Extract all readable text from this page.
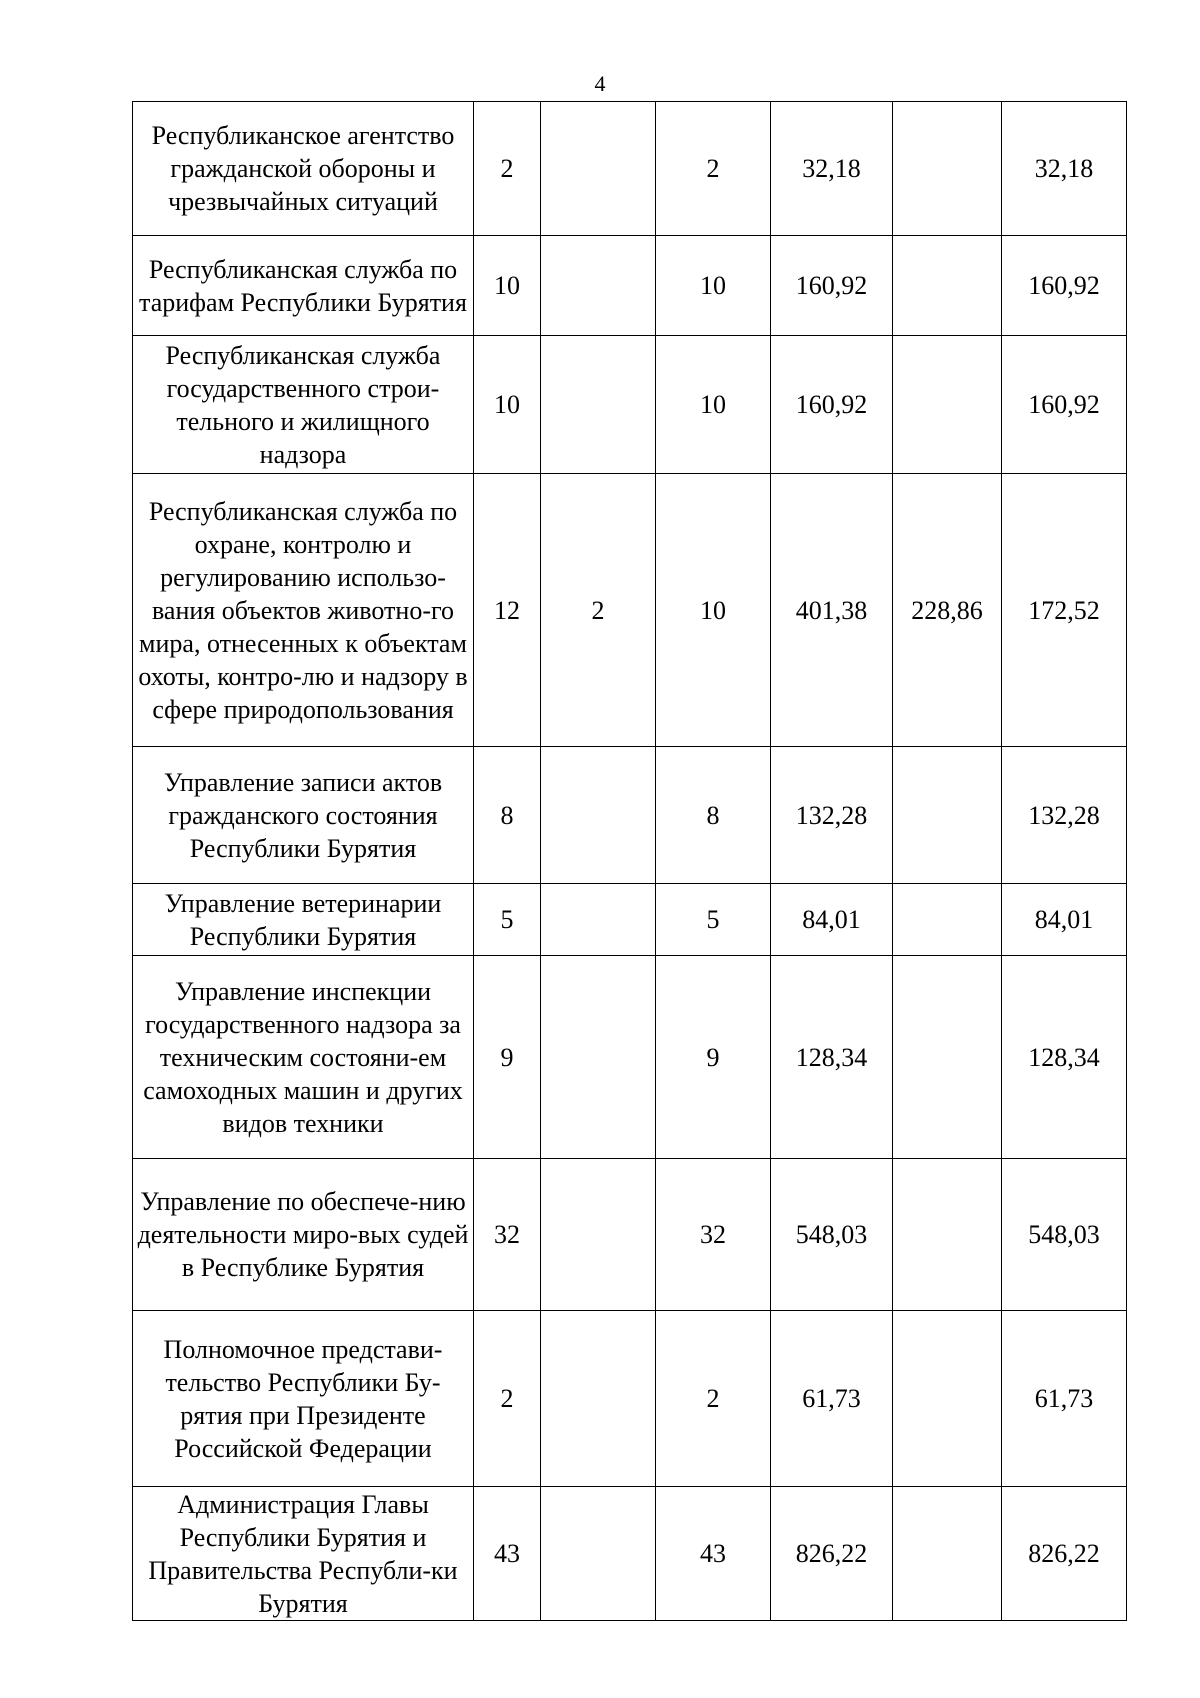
4
Республиканское агентство гражданской обороны и чрезвычайных ситуаций	2		2	32,18		32,18
Республиканская служба по тарифам Республики Бурятия	10		10	160,92		160,92
Республиканская служба государственного строи-тельного и жилищного надзора	10		10	160,92		160,92
Республиканская служба по охране, контролю и регулированию использо-вания объектов животно-го мира, отнесенных к объектам охоты, контро-лю и надзору в сфере природопользования	12	2	10	401,38	228,86	172,52
Управление записи актов гражданского состояния Республики Бурятия	8		8	132,28		132,28
Управление ветеринарии Республики Бурятия	5		5	84,01		84,01
Управление инспекции государственного надзора за техническим состояни-ем самоходных машин и других видов техники	9		9	128,34		128,34
Управление по обеспече-нию деятельности миро-вых судей в Республике Бурятия	32		32	548,03		548,03
Полномочное представи-тельство Республики Бу-рятия при Президенте Российской Федерации	2		2	61,73		61,73
Администрация Главы Республики Бурятия и Правительства Республи-ки Бурятия	43		43	826,22		826,22
